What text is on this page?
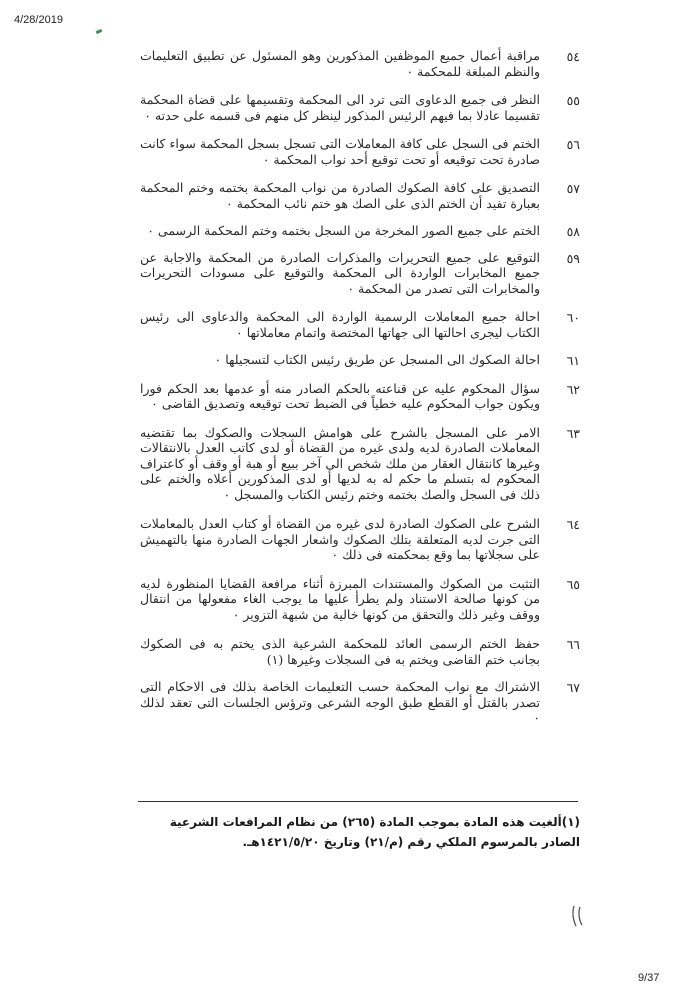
4/28/2019
٥٤
مراقبة أعمال جميع الموظفين المذكورين وهو المسئول عن تطبيق التعليمات والنظم المبلغة للمحكمة ٠
٥٥
النظر فى جميع الدعاوى التى ترد الى المحكمة وتقسيمها على قضاة المحكمة تقسيما عادلا بما فيهم الرئيس المذكور لينظر كل منهم فى قسمه على حدته ٠
٥٦
الختم فى السجل على كافة المعاملات التى تسجل بسجل المحكمة سواء كانت صادرة تحت توقيعه أو تحت توقيع أحد نواب المحكمة ٠
٥٧
التصديق على كافة الصكوك الصادرة من نواب المحكمة بختمه وختم المحكمة بعبارة تفيد أن الختم الذى على الصك هو ختم نائب المحكمة ٠
٥٨
الختم على جميع الصور المخرجة من السجل بختمه وختم المحكمة الرسمى ٠
٥٩
التوقيع على جميع التحريرات والمذكرات الصادرة من المحكمة والاجابة عن جميع المخابرات الواردة الى المحكمة والتوقيع على مسودات التحريرات والمخابرات التى تصدر من المحكمة ٠
٦٠
احالة جميع المعاملات الرسمية الواردة الى المحكمة والدعاوى الى رئيس الكتاب ليجرى احالتها الى جهاتها المختصة واتمام معاملاتها ٠
٦١
احالة الصكوك الى المسجل عن طريق رئيس الكتاب لتسجيلها ٠
٦٢
سؤال المحكوم عليه عن قناعته بالحكم الصادر منه أو عدمها بعد الحكم فورا ويكون جواب المحكوم عليه خطياً فى الضبط تحت توقيعه وتصديق القاضى ٠
٦٣
الامر على المسجل بالشرح على هوامش السجلات والصكوك بما تقتضيه المعاملات الصادرة لديه ولدى غيره من القضاة أو لدى كاتب العدل بالانتقالات وغيرها كانتقال العقار من ملك شخص الى آخر ببيع أو هبة أو وقف أو كاعتراف المحكوم له بتسلم ما حكم له به لديها أو لدى المذكورين أعلاه والختم على ذلك فى السجل والصك بختمه وختم رئيس الكتاب والمسجل ٠
٦٤
الشرح على الصكوك الصادرة لدى غيره من القضاة أو كتاب العدل بالمعاملات التى جرت لديه المتعلقة بتلك الصكوك واشعار الجهات الصادرة منها بالتهميش على سجلاتها بما وقع بمحكمته فى ذلك ٠
٦٥
التثبت من الصكوك والمستندات المبرزة أثناء مرافعة القضايا المنظورة لديه من كونها صالحة الاستناد ولم يطرأ عليها ما يوجب الغاء مفعولها من انتقال ووقف وغير ذلك والتحقق من كونها خالية من شبهة التزوير ٠
٦٦
حفظ الختم الرسمى العائد للمحكمة الشرعية الذى يختم به فى الصكوك بجانب ختم القاضى ويختم به فى السجلات وغيرها (١)
٦٧
الاشتراك مع نواب المحكمة حسب التعليمات الخاصة بذلك فى الاحكام التى تصدر بالقتل أو القطع طبق الوجه الشرعى وترؤس الجلسات التى تعقد لذلك ٠
(١)ألغيت هذه المادة بموجب المادة (٢٦٥) من نظام المرافعات الشرعية الصادر بالمرسوم الملكي رقم (م/٢١) وتاريخ ١٤٢١/٥/٢٠هـ.
9/37
